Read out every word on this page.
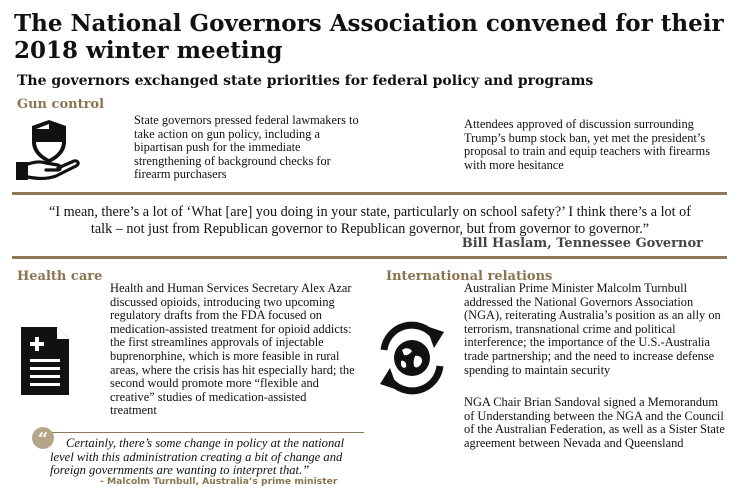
The National Governors Association convened for their 2018 winter meeting
The governors exchanged state priorities for federal policy and programs
Gun control
State governors pressed federal lawmakers to take action on gun policy, including a bipartisan push for the immediate strengthening of background checks for firearm purchasers
Attendees approved of discussion surrounding Trump’s bump stock ban, yet met the president’s proposal to train and equip teachers with firearms with more hesitance
“I mean, there’s a lot of ‘What [are] you doing in your state, particularly on school safety?’ I think there’s a lot of talk – not just from Republican governor to Republican governor, but from governor to governor.”
Bill Haslam, Tennessee Governor
Health care
Health and Human Services Secretary Alex Azar discussed opioids, introducing two upcoming regulatory drafts from the FDA focused on medication-assisted treatment for opioid addicts: the first streamlines approvals of injectable buprenorphine, which is more feasible in rural areas, where the crisis has hit especially hard; the second would promote more “flexible and creative” studies of medication-assisted treatment
“	Certainly, there’s some change in policy at the national
level with this administration creating a bit of change and foreign governments are wanting to interpret that.”
- Malcolm Turnbull, Australia’s prime minister
International relations
Australian Prime Minister Malcolm Turnbull addressed the National Governors Association (NGA), reiterating Australia’s position as an ally on terrorism, transnational crime and political interference; the importance of the U.S.-Australia trade partnership; and the need to increase defense spending to maintain security
NGA Chair Brian Sandoval signed a Memorandum of Understanding between the NGA and the Council of the Australian Federation, as well as a Sister State agreement between Nevada and Queensland
